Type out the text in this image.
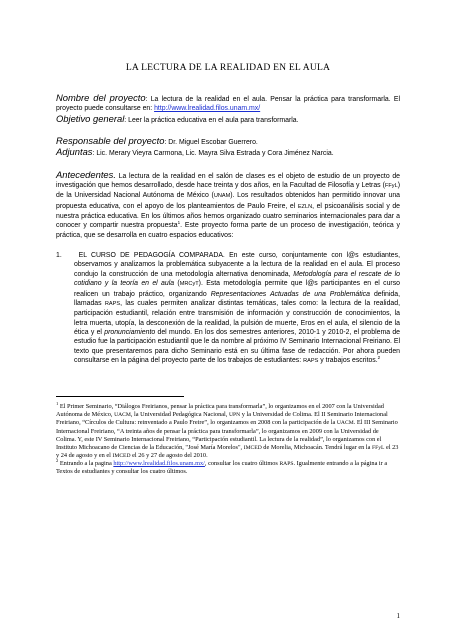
LA LECTURA DE LA REALIDAD EN EL AULA

Nombre del proyecto: La lectura de la realidad en el aula. Pensar la práctica para transformarla. El proyecto puede consultarse en: http://www.lrealidad.filos.unam.mx/

Objetivo general: Leer la práctica educativa en el aula para transformarla.

Responsable del proyecto: Dr. Miguel Escobar Guerrero.

Adjuntas: Lic. Merary Vieyra Carmona, Lic. Mayra Silva Estrada y Cora Jiménez Narcia.

Antecedentes. La lectura de la realidad en el salón de clases es el objeto de estudio de un proyecto de investigación que hemos desarrollado, desde hace treinta y dos años, en la Facultad de Filosofía y Letras (FFyL) de la Universidad Nacional Autónoma de México (UNAM). Los resultados obtenidos han permitido innovar una propuesta educativa, con el apoyo de los planteamientos de Paulo Freire, el EZLN, el psicoanálisis social y de nuestra práctica educativa. En los últimos años hemos organizado cuatro seminarios internacionales para dar a conocer y compartir nuestra propuesta$^1$. Este proyecto forma parte de un proceso de investigación, teórica y práctica, que se desarrolla en cuatro espacios educativos:

1. EL CURSO DE PEDAGOGÍA COMPARADA. En este curso, conjuntamente con l@s estudiantes, observamos y analizamos la problemática subyacente a la lectura de la realidad en el aula. El proceso condujo la construcción de una metodología alternativa denominada, Metodología para el rescate de lo cotidiano y la teoría en el aula (MRCyT). Esta metodología permite que l@s participantes en el curso realicen un trabajo práctico, organizando Representaciones Actuadas de una Problemática definida, llamadas RAPS, las cuales permiten analizar distintas temáticas, tales como: la lectura de la realidad, participación estudiantil, relación entre transmisión de información y construcción de conocimientos, la letra muerta, utopía, la desconexión de la realidad, la pulsión de muerte, Eros en el aula, el silencio de la ética y el pronunciamiento del mundo. En los dos semestres anteriores, 2010-1 y 2010-2, el problema de estudio fue la participación estudiantil que le da nombre al próximo IV Seminario Internacional Freiriano. El texto que presentaremos para dicho Seminario está en su última fase de redacción. Por ahora pueden consultarse en la página del proyecto parte de los trabajos de estudiantes: RAPS y trabajos escritos.$^2$

$^1$ El Primer Seminario, “Diálogos Freirianos, pensar la práctica para transformarla”, lo organizamos en el 2007 con la Universidad Autónoma de México, UACM, la Universidad Pedagógica Nacional, UPN y la Universidad de Colima. El II Seminario Internacional Freiriano, “Círculos de Cultura: reinventado a Paulo Freire”, lo organizamos en 2008 con la participación de la UACM. El III Seminario Internacional Freiriano, “A treinta años de pensar la práctica para transformarla”, lo organizamos en 2009 con la Universidad de Colima. Y, este IV Seminario Internacional Freiriano, “Participación estudiantil. La lectura de la realidad”, lo organizamos con el Instituto Michoacano de Ciencias de la Educación, "José María Morelos", IMCED de Morelia, Michoacán. Tendrá lugar en la FFyL el 23 y 24 de agosto y en el IMCED el 26 y 27 de agosto del 2010.

$^2$ Entrando a la pagina http://www.lrealidad.filos.unam.mx/, consultar los cuatro últimos RAPS. Igualmente entrando a la página ir a Textos de estudiantes y consultar los cuatro últimos.

1
